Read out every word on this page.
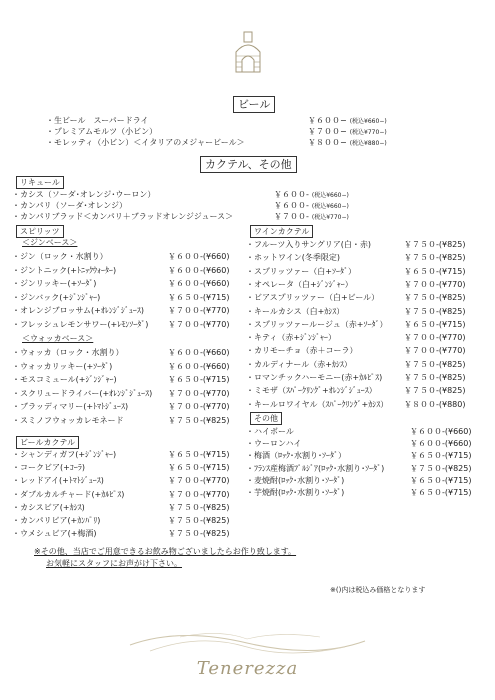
ビール
・生ビール　スーパードライ	￥６００− (税込¥660−)
・プレミアムモルツ（小ビン）	￥７００− (税込¥770−)
・モレッティ（小ビン）＜イタリアのメジャービール＞	￥８００− (税込¥880−)
カクテル、その他
リキュール
・カシス（ソーダ･オレンジ･ウーロン）	￥６００- (税込¥660−)
・カンパリ（ソーダ･オレンジ）	￥６００- (税込¥660−)
・カンパリブラッド＜カンパリ＋ブラッドオレンジジュース＞	￥７００- (税込¥770−)
スピリッツ
＜ジンベース＞
・ジン（ロック・水割り）	￥６００-(¥660)
・ジントニック(+ﾄﾆｯｸｳｫｰﾀｰ)	￥６００-(¥660)
・ジンリッキー(+ｿｰﾀﾞ)	￥６００-(¥660)
・ジンバック(+ｼﾞﾝｼﾞｬｰ)	￥６５０-(¥715)
・オレンジブロッサム(+ｵﾚﾝｼﾞｼﾞｭｰｽ)	￥７００-(¥770)
・フレッシュレモンサワー(+ﾚﾓﾝｿｰﾀﾞ) ￥７００-(¥770)
＜ウォッカベース＞
・ウォッカ（ロック・水割り）	￥６００-(¥660)
・ウォッカリッキー(+ｿｰﾀﾞ)	￥６００-(¥660)
・モスコミュール(+ｼﾞﾝｼﾞｬｰ)	￥６５０-(¥715)
・スクリュードライバー(+ｵﾚﾝｼﾞｼﾞｭｰｽ) ￥７００-(¥770)
・ブラッディマリー(+ﾄﾏﾄｼﾞｭｰｽ)	￥７００-(¥770)
・スミノフウォッカレモネード	￥７５０-(¥825)
ビールカクテル
・シャンディガフ(+ｼﾞﾝｼﾞｬｰ)	￥６５０-(¥715)
・コークビア(+ｺｰﾗ)	￥６５０-(¥715)
・レッドアイ(+ﾄﾏﾄｼﾞｭｰｽ)	￥７００-(¥770)
・ダブルカルチャード(+ｶﾙﾋﾟｽ)	￥７００-(¥770)
・カシスビア(+ｶｼｽ)	￥７５０-(¥825)
・カンパリビア(+ｶﾝﾊﾟﾘ)	￥７５０-(¥825)
・ウメシュビア(+梅酒)	￥７５０-(¥825)
ワインカクテル
・フルーツ入りサングリア(白・赤)	￥７５０-(¥825)
・ホットワイン(冬季限定)	￥７５０-(¥825)
・スプリッツァー（白+ｿｰﾀﾞ）	￥６５０-(¥715)
・オペレータ（白+ｼﾞﾝｼﾞｬｰ）	￥７００-(¥770)
・ビアスプリッツァー（白+ビール）	￥７５０-(¥825)
・キールカシス（白+ｶｼｽ）	￥７５０-(¥825)
・スプリッツァールージュ（赤+ｿｰﾀﾞ） ￥６５０-(¥715)
・キティ（赤+ｼﾞﾝｼﾞｬｰ）	￥７００-(¥770)
・カリモーチョ（赤＋コーラ）	￥７００-(¥770)
・カルディナール（赤+ｶｼｽ）	￥７５０-(¥825)
・ロマンチックハーモニー(赤+ｶﾙﾋﾟｽ)	￥７５０-(¥825)
・ミモザ（ｽﾊﾟｰｸﾘﾝｸﾞ+ｵﾚﾝｼﾞｼﾞｭｰｽ）	￥７５０-(¥825)
・キールロワイヤル（ｽﾊﾟｰｸﾘﾝｸﾞ+ｶｼｽ） ￥８００-(¥880)
その他
・ハイボール	￥６００-(¥660)
・ウーロンハイ	￥６００-(¥660)
・梅酒（ﾛｯｸ･水割り･ｿｰﾀﾞ）	￥６５０-(¥715)
・ﾌﾗﾝｽ産梅酒ﾌﾟﾙｼﾞｱ(ﾛｯｸ･水割り･ｿｰﾀﾞ)	￥７５０-(¥825)
・麦焼酎(ﾛｯｸ･水割り･ｿｰﾀﾞ)	￥６５０-(¥715)
・芋焼酎(ﾛｯｸ･水割り･ｿｰﾀﾞ)	￥６５０-(¥715)
※その他、当店でご用意できるお飲み物ございましたらお作り致します。
お気軽にスタッフにお声がけ下さい。
※()内は税込み価格となります
Tenerezza
